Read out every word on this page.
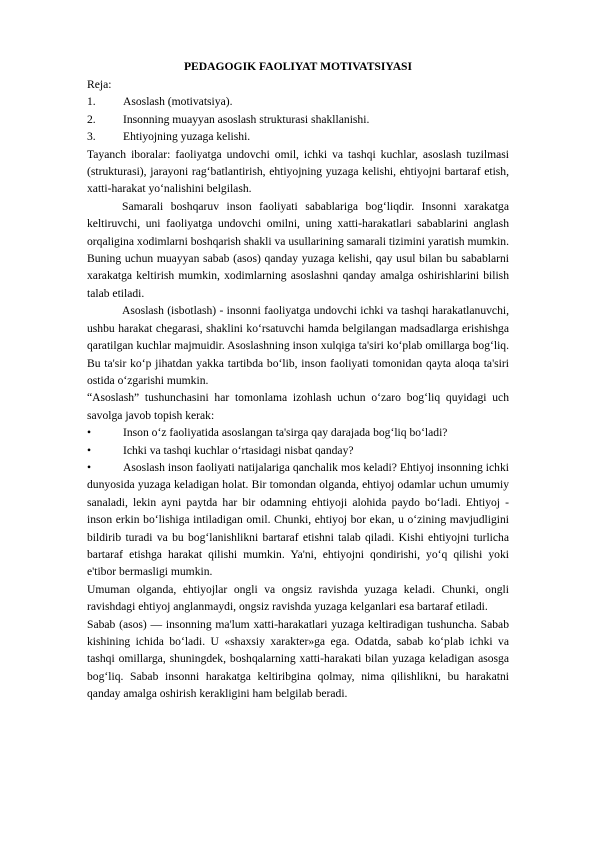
PEDAGOGIK FAOLIYAT MOTIVATSIYASI

Reja:

1.	Asoslash (motivatsiya).
2.	Insonning muayyan asoslash strukturasi shakllanishi.
3.	Ehtiyojning yuzaga kelishi.

Tayanch iboralar: faoliyatga undovchi omil, ichki va tashqi kuchlar, asoslash tuzilmasi (strukturasi), jarayoni rag‘batlantirish, ehtiyojning yuzaga kelishi, ehtiyojni bartaraf etish, xatti-harakat yo‘nalishini belgilash.

Samarali boshqaruv inson faoliyati sabablariga bog‘liqdir. Insonni xarakatga keltiruvchi, uni faoliyatga undovchi omilni, uning xatti-harakatlari sabablarini anglash orqaligina xodimlarni boshqarish shakli va usullarining samarali tizimini yaratish mumkin. Buning uchun muayyan sabab (asos) qanday yuzaga kelishi, qay usul bilan bu sabablarni xarakatga keltirish mumkin, xodimlarning asoslashni qanday amalga oshirishlarini bilish talab etiladi.

Asoslash (isbotlash) - insonni faoliyatga undovchi ichki va tashqi harakatlanuvchi, ushbu harakat chegarasi, shaklini ko‘rsatuvchi hamda belgilangan madsadlarga erishishga qaratilgan kuchlar majmuidir. Asoslashning inson xulqiga ta'siri ko‘plab omillarga bog‘liq. Bu ta'sir ko‘p jihatdan yakka tartibda bo‘lib, inson faoliyati tomonidan qayta aloqa ta'siri ostida o‘zgarishi mumkin.

“Asoslash” tushunchasini har tomonlama izohlash uchun o‘zaro bog‘liq quyidagi uch savolga javob topish kerak:

•	Inson o‘z faoliyatida asoslangan ta'sirga qay darajada bog‘liq bo‘ladi?
•	Ichki va tashqi kuchlar o‘rtasidagi nisbat qanday?

•	Asoslash inson faoliyati natijalariga qanchalik mos keladi? Ehtiyoj insonning ichki dunyosida yuzaga keladigan holat. Bir tomondan olganda, ehtiyoj odamlar uchun umumiy sanaladi, lekin ayni paytda har bir odamning ehtiyoji alohida paydo bo‘ladi. Ehtiyoj - inson erkin bo‘lishiga intiladigan omil. Chunki, ehtiyoj bor ekan, u o‘zining mavjudligini bildirib turadi va bu bog‘lanishlikni bartaraf etishni talab qiladi. Kishi ehtiyojni turlicha bartaraf etishga harakat qilishi mumkin. Ya'ni, ehtiyojni qondirishi, yo‘q qilishi yoki e'tibor bermasligi mumkin.

Umuman olganda, ehtiyojlar ongli va ongsiz ravishda yuzaga keladi. Chunki, ongli ravishdagi ehtiyoj anglanmaydi, ongsiz ravishda yuzaga kelganlari esa bartaraf etiladi.

Sabab (asos) — insonning ma'lum xatti-harakatlari yuzaga keltiradigan tushuncha. Sabab kishining ichida bo‘ladi. U «shaxsiy xarakter»ga ega. Odatda, sabab ko‘plab ichki va tashqi omillarga, shuningdek, boshqalarning xatti-harakati bilan yuzaga keladigan asosga bog‘liq. Sabab insonni harakatga keltiribgina qolmay, nima qilishlikni, bu harakatni qanday amalga oshirish kerakligini ham belgilab beradi.
